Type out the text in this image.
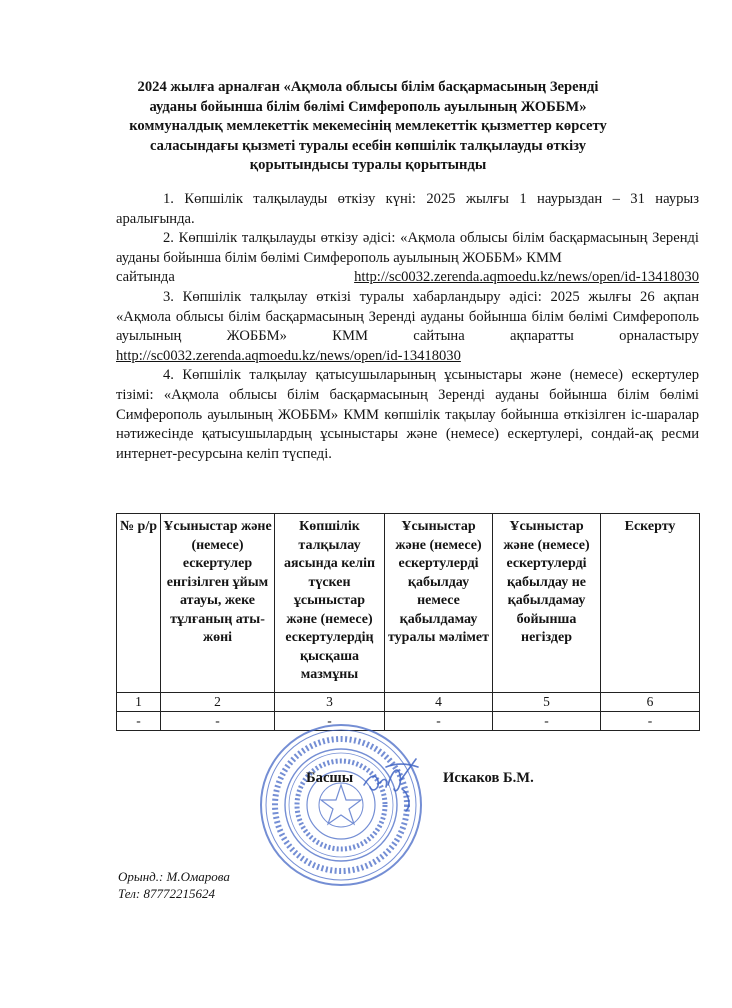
2024 жылға арналған «Ақмола облысы білім басқармасының Зеренді
ауданы бойынша білім бөлімі Симферополь ауылының ЖОББМ»
коммуналдық мемлекеттік мекемесінің мемлекеттік қызметтер көрсету
саласындағы қызметі туралы есебін көпшілік талқылауды өткізу
қорытындысы туралы қорытынды

1. Көпшілік талқылауды өткізу күні: 2025 жылғы 1 наурыздан – 31 наурыз аралығында.

2. Көпшілік талқылауды өткізу әдісі: «Ақмола облысы білім басқармасының Зеренді ауданы бойынша білім бөлімі Симферополь ауылының ЖОББМ» КММ
http://sc0032.zerenda.aqmoedu.kz/news/open/id-13418030
сайтында

3. Көпшілік талқылау өткізі туралы хабарландыру әдісі: 2025 жылғы 26 ақпан «Ақмола облысы білім басқармасының Зеренді ауданы бойынша білім бөлімі Симферополь ауылының ЖОББМ» КММ сайтына ақпаратты орналастыру http://sc0032.zerenda.aqmoedu.kz/news/open/id-13418030

4. Көпшілік талқылау қатысушыларының ұсыныстары және (немесе) ескертулер тізімі: «Ақмола облысы білім басқармасының Зеренді ауданы бойынша білім бөлімі Симферополь ауылының ЖОББМ» КММ көпшілік тақылау бойынша өткізілген іс-шаралар нәтижесінде қатысушылардың ұсыныстары және (немесе) ескертулері, сондай-ақ ресми интернет-ресурсына келіп түспеді.

№ р/р	Ұсыныстар және (немесе) ескертулер енгізілген ұйым атауы, жеке тұлғаның аты-жөні	Көпшілік талқылау аясында келіп түскен ұсыныстар және (немесе) ескертулердің қысқаша мазмұны	Ұсыныстар және (немесе) ескертулерді қабылдау немесе қабылдамау туралы мәлімет	Ұсыныстар және (немесе) ескертулерді қабылдау не қабылдамау бойынша негіздер	Ескерту
1	2	3	4	5	6
-	-	-	-	-	-
Басшы	Искаков Б.М.
Орынд.: М.Омарова
Тел: 87772215624
